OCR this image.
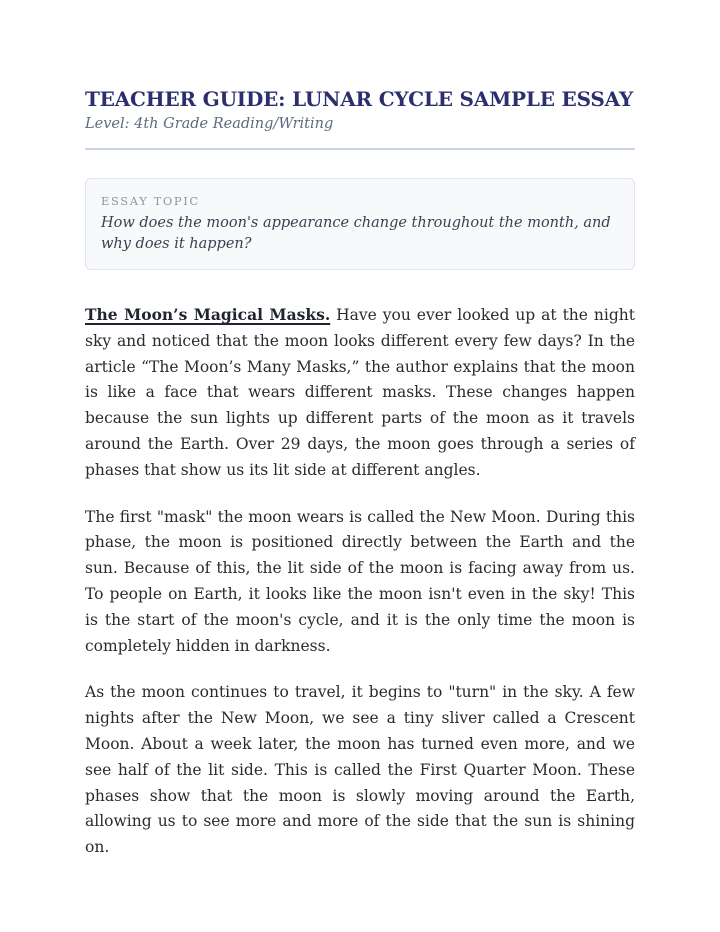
TEACHER GUIDE: LUNAR CYCLE SAMPLE ESSAY

Level: 4th Grade Reading/Writing

ESSAY TOPIC

How does the moon's appearance change throughout the month, and why does it happen?

The Moon’s Magical Masks. Have you ever looked up at the night sky and noticed that the moon looks different every few days? In the article “The Moon’s Many Masks,” the author explains that the moon is like a face that wears different masks. These changes happen because the sun lights up different parts of the moon as it travels around the Earth. Over 29 days, the moon goes through a series of phases that show us its lit side at different angles.

The first "mask" the moon wears is called the New Moon. During this phase, the moon is positioned directly between the Earth and the sun. Because of this, the lit side of the moon is facing away from us. To people on Earth, it looks like the moon isn't even in the sky! This is the start of the moon's cycle, and it is the only time the moon is completely hidden in darkness.

As the moon continues to travel, it begins to "turn" in the sky. A few nights after the New Moon, we see a tiny sliver called a Crescent Moon. About a week later, the moon has turned even more, and we see half of the lit side. This is called the First Quarter Moon. These phases show that the moon is slowly moving around the Earth, allowing us to see more and more of the side that the sun is shining on.
